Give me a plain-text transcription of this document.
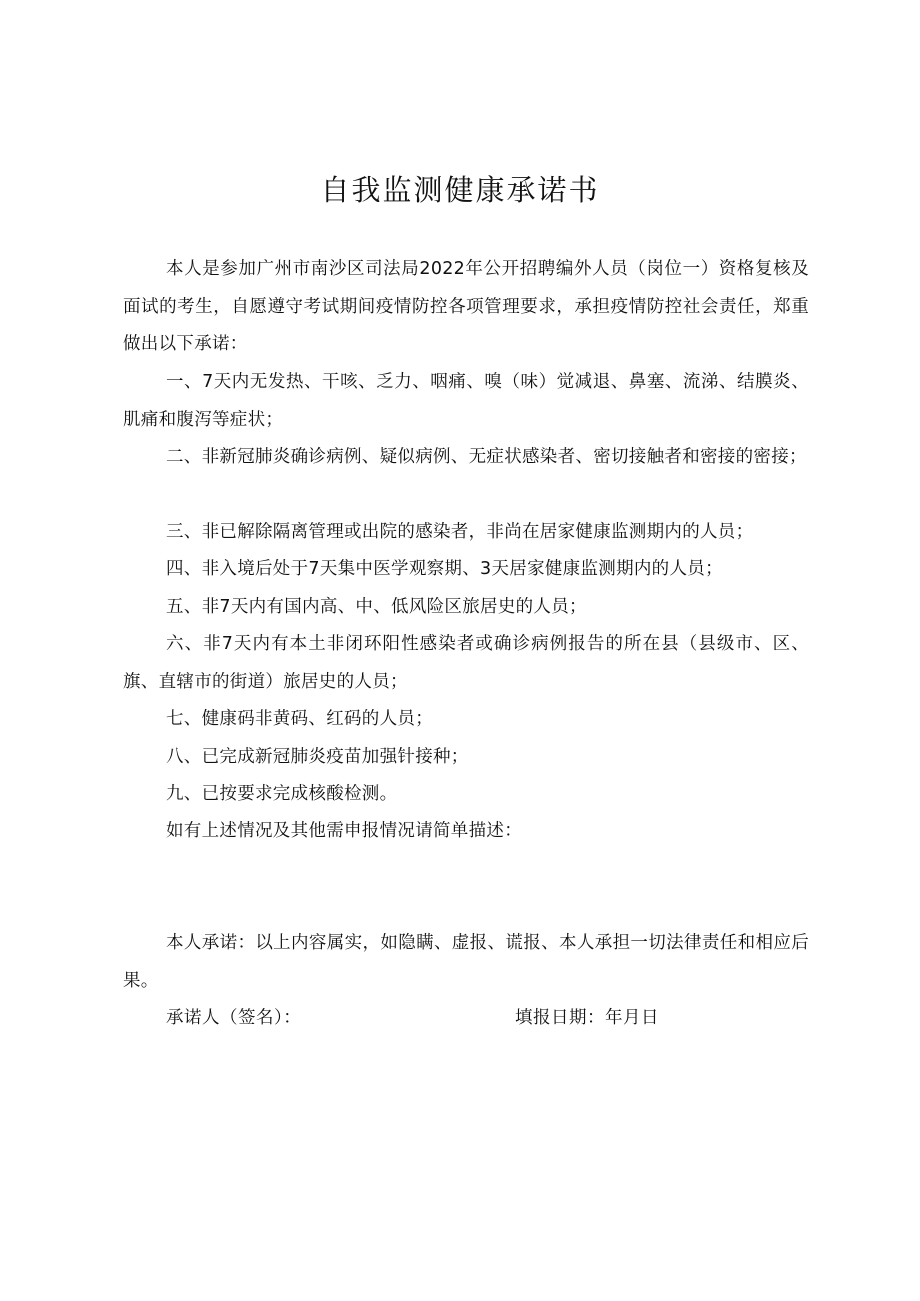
自我监测健康承诺书

本人是参加广州市南沙区司法局2022年公开招聘编外人员（岗位一）资格复核及面试的考生，自愿遵守考试期间疫情防控各项管理要求，承担疫情防控社会责任，郑重做出以下承诺：

一、7天内无发热、干咳、乏力、咽痛、嗅（味）觉减退、鼻塞、流涕、结膜炎、肌痛和腹泻等症状；

二、非新冠肺炎确诊病例、疑似病例、无症状感染者、密切接触者和密接的密接；

三、非已解除隔离管理或出院的感染者，非尚在居家健康监测期内的人员；

四、非入境后处于7天集中医学观察期、3天居家健康监测期内的人员；

五、非7天内有国内高、中、低风险区旅居史的人员；

六、非7天内有本土非闭环阳性感染者或确诊病例报告的所在县（县级市、区、旗、直辖市的街道）旅居史的人员；

七、健康码非黄码、红码的人员；

八、已完成新冠肺炎疫苗加强针接种；

九、已按要求完成核酸检测。

如有上述情况及其他需申报情况请简单描述：

本人承诺：以上内容属实，如隐瞒、虚报、谎报、本人承担一切法律责任和相应后果。

承诺人（签名）：	填报日期：年月日
